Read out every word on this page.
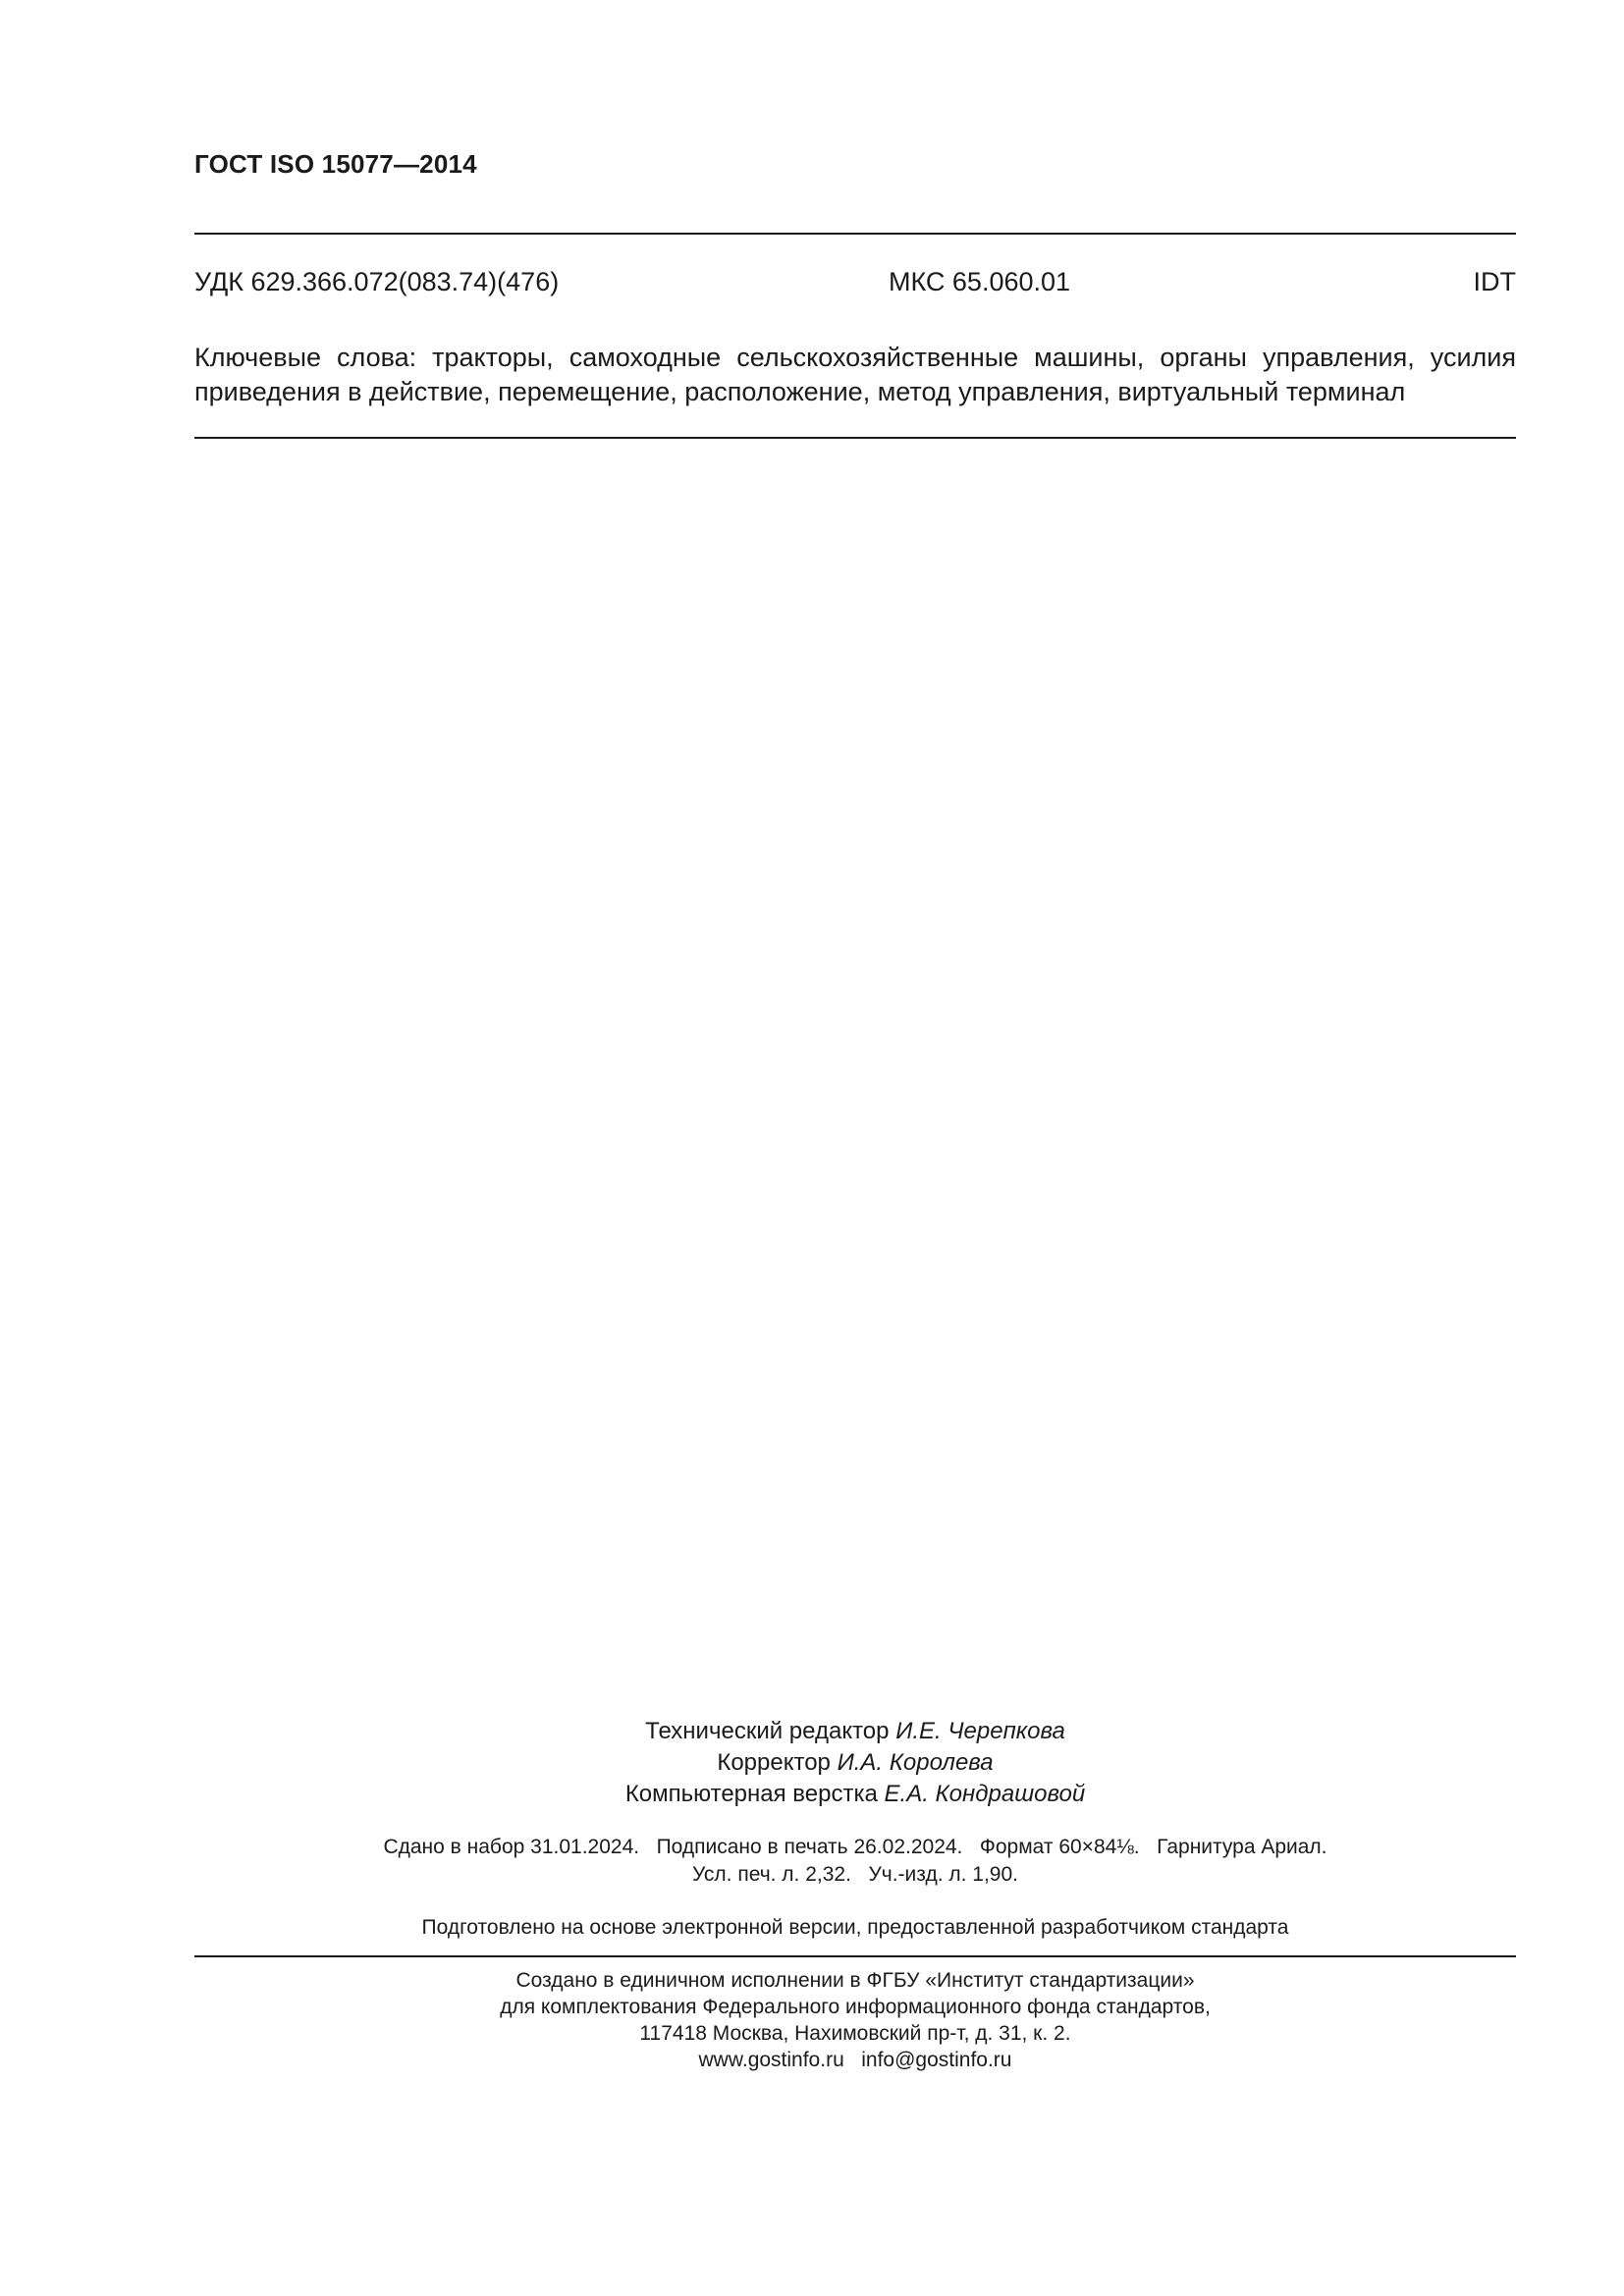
ГОСТ ISO 15077—2014
УДК 629.366.072(083.74)(476)	МКС 65.060.01	IDT
Ключевые слова: тракторы, самоходные сельскохозяйственные машины, органы управления, усилия приведения в действие, перемещение, расположение, метод управления, виртуальный терминал
Технический редактор И.Е. Черепкова
Корректор И.А. Королева
Компьютерная верстка Е.А. Кондрашовой
Сдано в набор 31.01.2024.   Подписано в печать 26.02.2024.   Формат 60×84⅛.   Гарнитура Ариал.
Усл. печ. л. 2,32.   Уч.-изд. л. 1,90.
Подготовлено на основе электронной версии, предоставленной разработчиком стандарта
Создано в единичном исполнении в ФГБУ «Институт стандартизации»
для комплектования Федерального информационного фонда стандартов,
117418 Москва, Нахимовский пр-т, д. 31, к. 2.
www.gostinfo.ru   info@gostinfo.ru
